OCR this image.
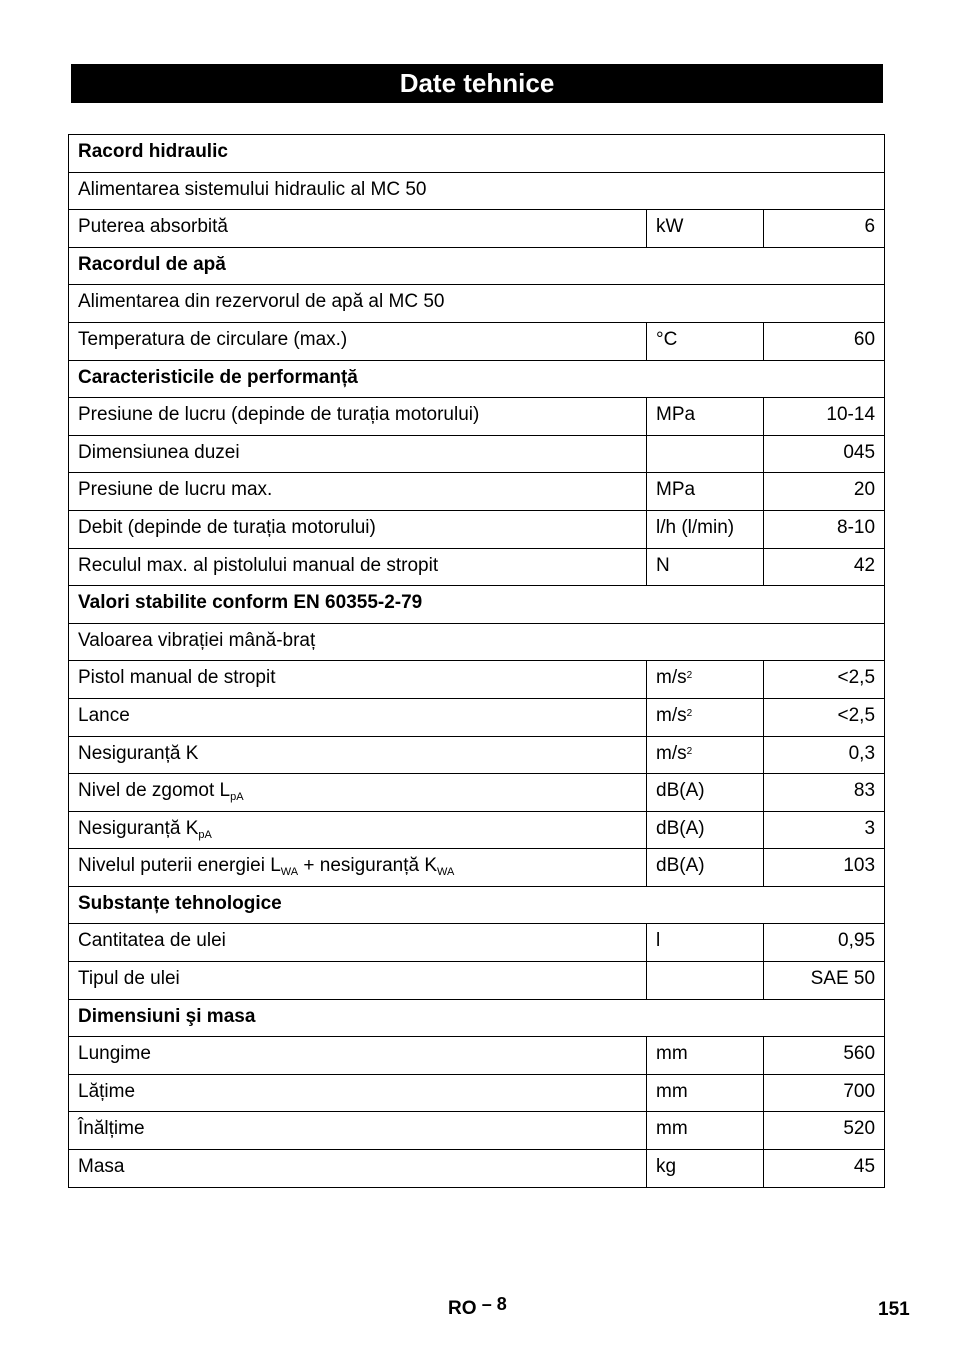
Date tehnice
Racord hidraulic		
Alimentarea sistemului hidraulic al MC 50		
Puterea absorbită	kW	6
Racordul de apă		
Alimentarea din rezervorul de apă al MC 50		
Temperatura de circulare (max.)	°C	60
Caracteristicile de performanță		
Presiune de lucru (depinde de turația motorului)	MPa	10-14
Dimensiunea duzei		045
Presiune de lucru max.	MPa	20
Debit (depinde de turația motorului)	l/h (l/min)	8-10
Reculul max. al pistolului manual de stropit	N	42
Valori stabilite conform EN 60355-2-79		
Valoarea vibrației mână-braț		
Pistol manual de stropit	$m/s^2$	<2,5
Lance	$m/s^2$	<2,5
Nesiguranță K	$m/s^2$	0,3
Nivel de zgomot $L_{pA}$	dB(A)	83
Nesiguranță $K_{pA}$	dB(A)	3
Nivelul puterii energiei $L_{WA}$ + nesiguranță $K_{WA}$	dB(A)	103
Substanțe tehnologice		
Cantitatea de ulei	l	0,95
Tipul de ulei		SAE 50
Dimensiuni şi masa		
Lungime	mm	560
Lățime	mm	700
Înălțime	mm	520
Masa	kg	45
RO – 8	151
